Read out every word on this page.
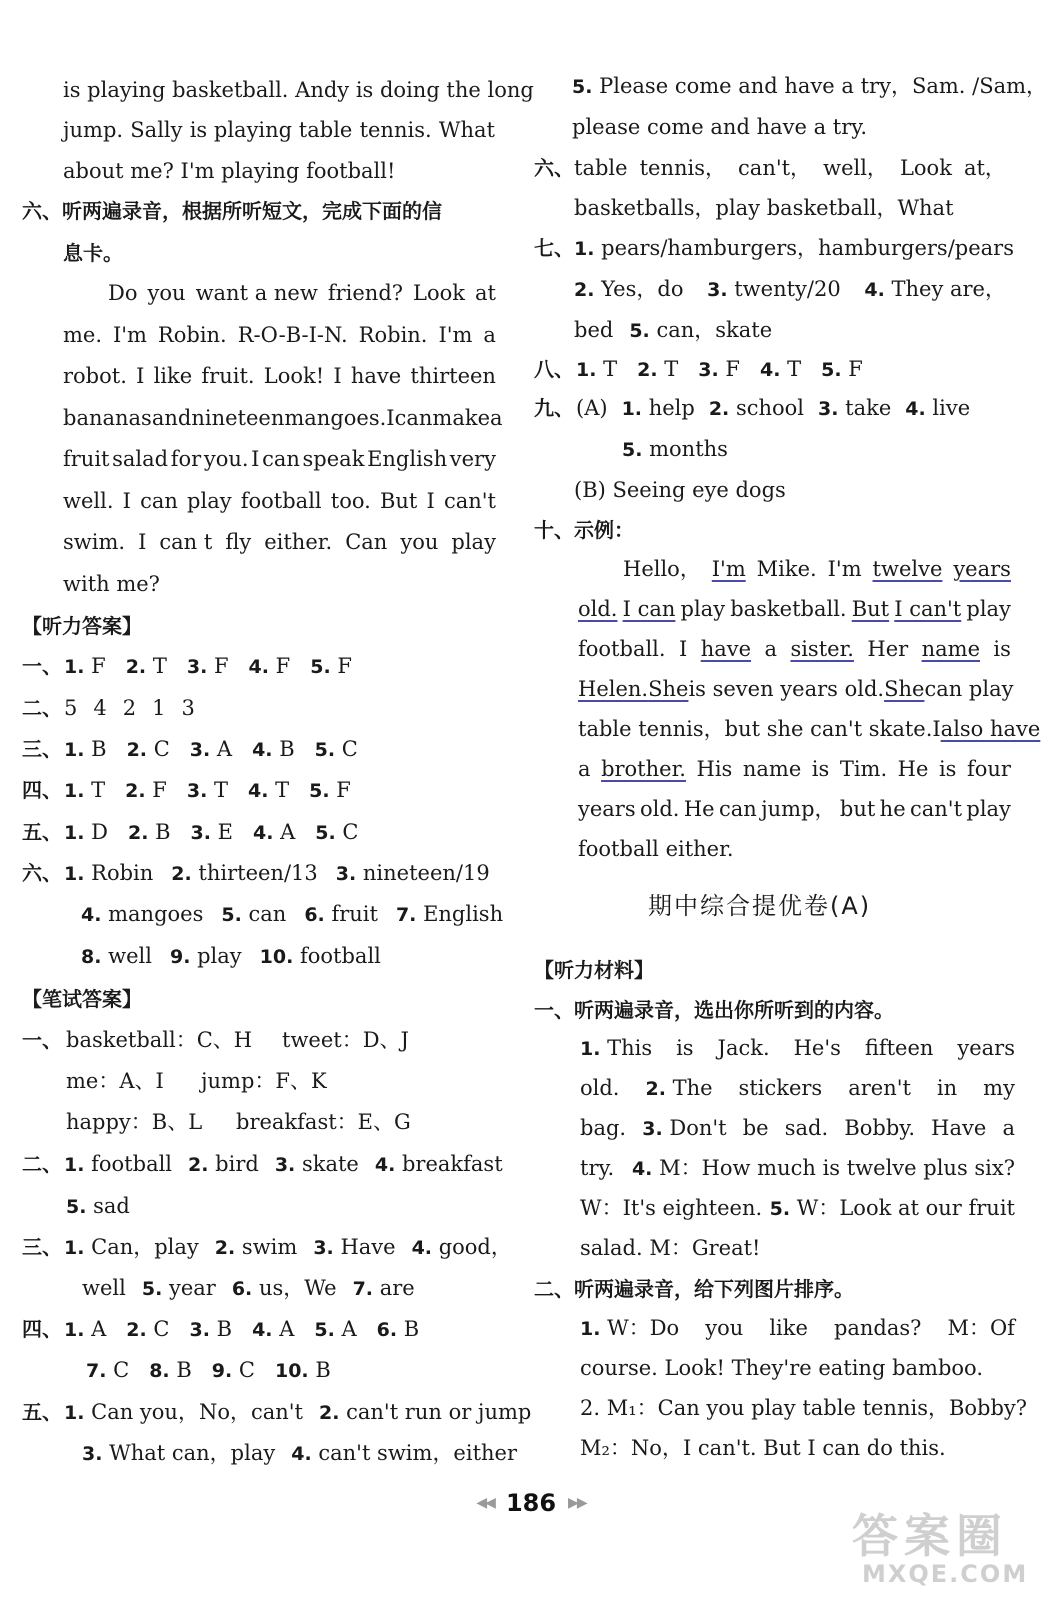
is playing basketball. Andy is doing the long
jump. Sally is playing table tennis. What
about me? I'm playing football!
六、听两遍录音，根据所听短文，完成下面的信
息卡。
Do you want a new friend? Look at
me. I'm Robin. R-O-B-I-N. Robin. I'm a
robot. I like fruit. Look! I have thirteen
bananas and nineteen mangoes. I can make a
fruit salad for you. I can speak English very
well. I can play football too. But I can't
swim. I can t fly either. Can you play
with me?
【听力答案】
一、 1. F 2. T 3. F 4. F 5. F
二、5 4 2 1 3
三、 1. B 2. C 3. A 4. B 5. C
四、 1. T 2. F 3. T 4. T 5. F
五、 1. D 2. B 3. E 4. A 5. C
六、 1. Robin 2. thirteen/13 3. nineteen/19
4. mangoes 5. can 6. fruit 7. English
8. well 9. play 10. football
【笔试答案】
一、 basketball：C、H tweet：D、J
me：A、I jump：F、K
happy：B、L breakfast：E、G
二、 1. football 2. bird 3. skate 4. breakfast
5. sad
三、 1. Can，play 2. swim 3. Have 4. good，
well 5. year 6. us，We 7. are
四、 1. A 2. C 3. B 4. A 5. A 6. B
7. C 8. B 9. C 10. B
五、 1. Can you，No，can't 2. can't run or jump
3. What can，play 4. can't swim，either
5. Please come and have a try，Sam. /Sam，
please come and have a try.
六、 table tennis， can't， well， Look at，
basketballs，play basketball，What
七、 1. pears/hamburgers， hamburgers/pears
2. Yes，do 3. twenty/20 4. They are，
bed 5. can，skate
八、 1. T 2. T 3. F 4. T 5. F
九、(A) 1. help 2. school 3. take 4. live
5. months
(B) Seeing eye dogs
十、示例：
Hello， I'm Mike. I'm twelve years
old. I can play basketball. But I can't play
football. I have a sister. Her name is
Helen. She is seven years old. She can play
table tennis，but she can't skate. I also have
a brother. His name is Tim. He is four
years old. He can jump， but he can't play
football either.
期中综合提优卷(A)
【听力材料】
一、听两遍录音，选出你所听到的内容。
1. This is Jack. He's fifteen years
old. 2. The stickers aren't in my
bag. 3. Don't be sad. Bobby. Have a
try. 4. M：How much is twelve plus six?
W：It's eighteen. 5. W：Look at our fruit
salad. M：Great!
二、听两遍录音，给下列图片排序。
1. W：Do you like pandas? M：Of
course. Look! They're eating bamboo.
2. M₁：Can you play table tennis，Bobby?
M₂：No，I can't. But I can do this.
◀◀ 186 ▶▶
答案圈
MXQE.COM
